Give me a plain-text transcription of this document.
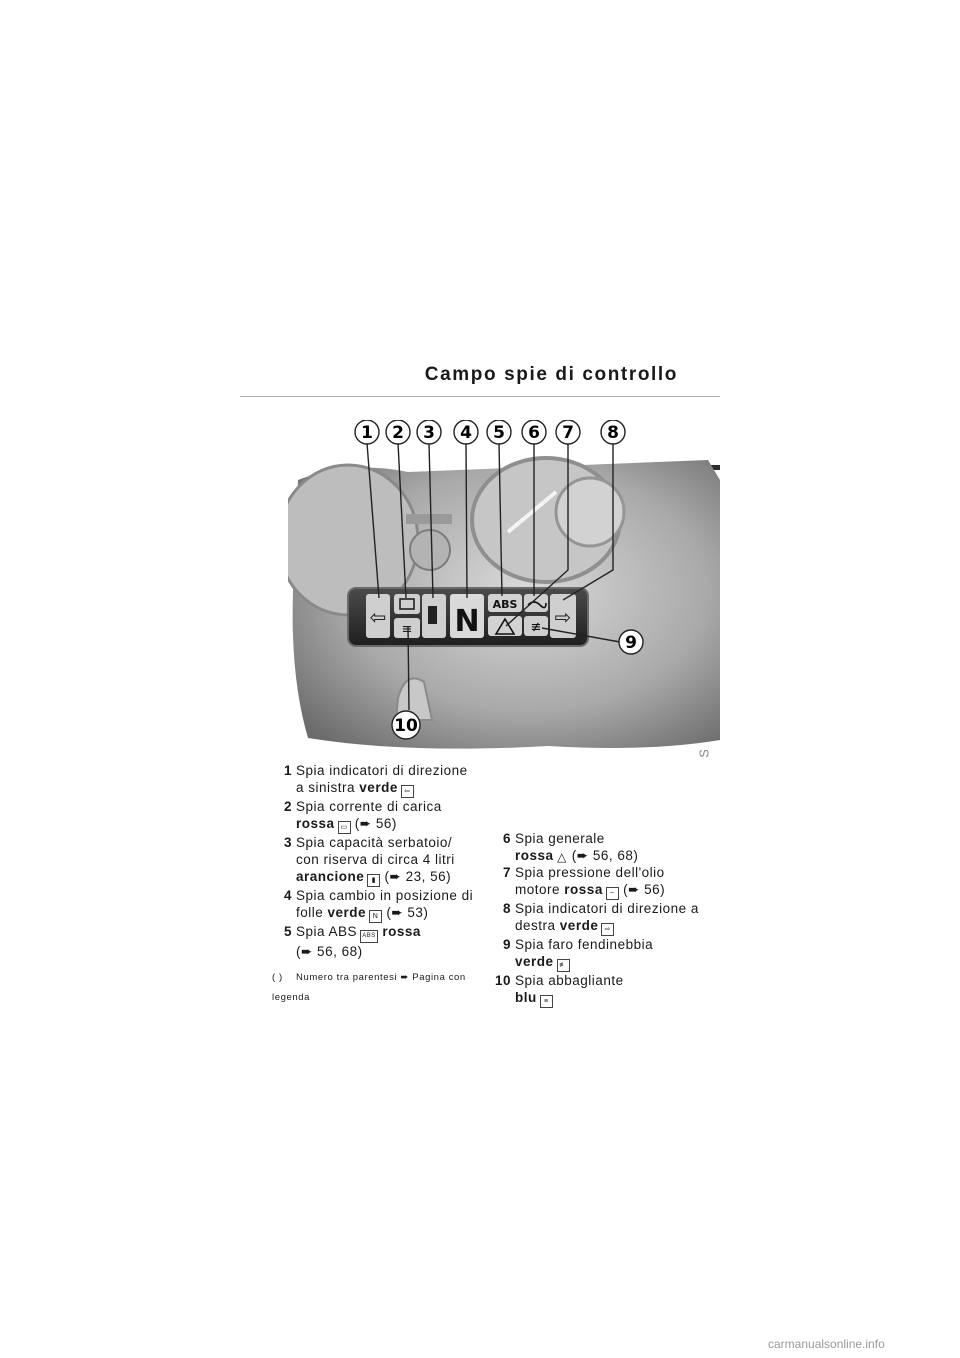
Campo spie di controllo
⇦
≡ N ABS
≢ ⇨
1 2 3 4 5 6 7 8
9
10
1 Spia indicatori di direzione a sinistra verde ⇦
2 Spia corrente di carica rossa ▭ (➨ 56)
3 Spia capacità serbatoio/ con riserva di circa 4 litri arancione ▮ (➨ 23, 56)
4 Spia cambio in posizione di folle verde N (➨ 53)
5 Spia ABS ABS rossa
(➨ 56, 68)
( ) Numero tra parentesi ➨ Pagina con legenda
6 Spia generale
rossa △ (➨ 56, 68)
7 Spia pressione dell'olio motore rossa ~ (➨ 56)
8 Spia indicatori di direzione a destra verde ⇨
9 Spia faro fendinebbia
verde ≢
10 Spia abbagliante
blu ≡
carmanualsonline.info
